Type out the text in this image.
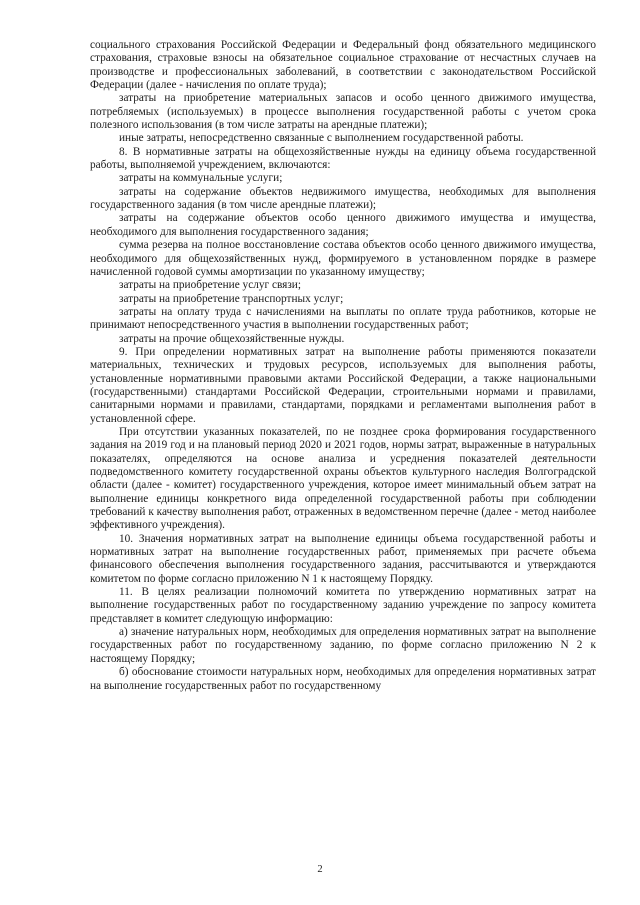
социального страхования Российской Федерации и Федеральный фонд обязательного медицинского страхования, страховые взносы на обязательное социальное страхование от несчастных случаев на производстве и профессиональных заболеваний, в соответствии с законодательством Российской Федерации (далее - начисления по оплате труда);

затраты на приобретение материальных запасов и особо ценного движимого имущества, потребляемых (используемых) в процессе выполнения государственной работы с учетом срока полезного использования (в том числе затраты на арендные платежи);

иные затраты, непосредственно связанные с выполнением государственной работы.

8. В нормативные затраты на общехозяйственные нужды на единицу объема государственной работы, выполняемой учреждением, включаются:

затраты на коммунальные услуги;

затраты на содержание объектов недвижимого имущества, необходимых для выполнения государственного задания (в том числе арендные платежи);

затраты на содержание объектов особо ценного движимого имущества и имущества, необходимого для выполнения государственного задания;

сумма резерва на полное восстановление состава объектов особо ценного движимого имущества, необходимого для общехозяйственных нужд, формируемого в установленном порядке в размере начисленной годовой суммы амортизации по указанному имуществу;

затраты на приобретение услуг связи;

затраты на приобретение транспортных услуг;

затраты на оплату труда с начислениями на выплаты по оплате труда работников, которые не принимают непосредственного участия в выполнении государственных работ;

затраты на прочие общехозяйственные нужды.

9. При определении нормативных затрат на выполнение работы применяются показатели материальных, технических и трудовых ресурсов, используемых для выполнения работы, установленные нормативными правовыми актами Российской Федерации, а также национальными (государственными) стандартами Российской Федерации, строительными нормами и правилами, санитарными нормами и правилами, стандартами, порядками и регламентами выполнения работ в установленной сфере.

При отсутствии указанных показателей, по не позднее срока формирования государственного задания на 2019 год и на плановый период 2020 и 2021 годов, нормы затрат, выраженные в натуральных показателях, определяются на основе анализа и усреднения показателей деятельности подведомственного комитету государственной охраны объектов культурного наследия Волгоградской области (далее - комитет) государственного учреждения, которое имеет минимальный объем затрат на выполнение единицы конкретного вида определенной государственной работы при соблюдении требований к качеству выполнения работ, отраженных в ведомственном перечне (далее - метод наиболее эффективного учреждения).

10. Значения нормативных затрат на выполнение единицы объема государственной работы и нормативных затрат на выполнение государственных работ, применяемых при расчете объема финансового обеспечения выполнения государственного задания, рассчитываются и утверждаются комитетом по форме согласно приложению N 1 к настоящему Порядку.

11. В целях реализации полномочий комитета по утверждению нормативных затрат на выполнение государственных работ по государственному заданию учреждение по запросу комитета представляет в комитет следующую информацию:

а) значение натуральных норм, необходимых для определения нормативных затрат на выполнение государственных работ по государственному заданию, по форме согласно приложению N 2 к настоящему Порядку;

б) обоснование стоимости натуральных норм, необходимых для определения нормативных затрат на выполнение государственных работ по государственному

2
